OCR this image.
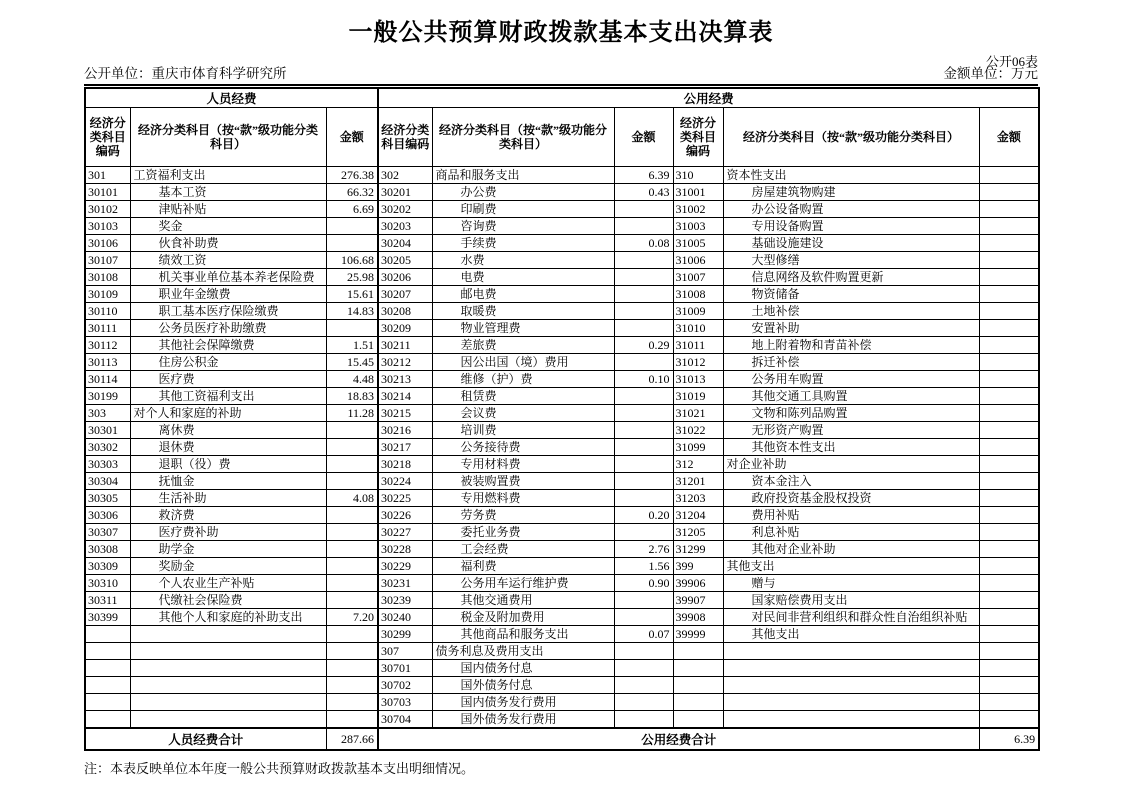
一般公共预算财政拨款基本支出决算表
公开06表
公开单位：重庆市体育科学研究所	金额单位：万元
人员经费			公用经费					
经济分类科目编码	经济分类科目（按“款”级功能分类科目）	金额	经济分类科目编码	经济分类科目（按“款”级功能分类科目）	金额	经济分类科目编码	经济分类科目（按“款”级功能分类科目）	金额
301	工资福利支出	276.38	302	商品和服务支出	6.39	310	资本性支出	
30101	基本工资	66.32	30201	办公费	0.43	31001	房屋建筑物购建	
30102	津贴补贴	6.69	30202	印刷费		31002	办公设备购置	
30103	奖金		30203	咨询费		31003	专用设备购置	
30106	伙食补助费		30204	手续费	0.08	31005	基础设施建设	
30107	绩效工资	106.68	30205	水费		31006	大型修缮	
30108	机关事业单位基本养老保险费	25.98	30206	电费		31007	信息网络及软件购置更新	
30109	职业年金缴费	15.61	30207	邮电费		31008	物资储备	
30110	职工基本医疗保险缴费	14.83	30208	取暖费		31009	土地补偿	
30111	公务员医疗补助缴费		30209	物业管理费		31010	安置补助	
30112	其他社会保障缴费	1.51	30211	差旅费	0.29	31011	地上附着物和青苗补偿	
30113	住房公积金	15.45	30212	因公出国（境）费用		31012	拆迁补偿	
30114	医疗费	4.48	30213	维修（护）费	0.10	31013	公务用车购置	
30199	其他工资福利支出	18.83	30214	租赁费		31019	其他交通工具购置	
303	对个人和家庭的补助	11.28	30215	会议费		31021	文物和陈列品购置	
30301	离休费		30216	培训费		31022	无形资产购置	
30302	退休费		30217	公务接待费		31099	其他资本性支出	
30303	退职（役）费		30218	专用材料费		312	对企业补助	
30304	抚恤金		30224	被装购置费		31201	资本金注入	
30305	生活补助	4.08	30225	专用燃料费		31203	政府投资基金股权投资	
30306	救济费		30226	劳务费	0.20	31204	费用补贴	
30307	医疗费补助		30227	委托业务费		31205	利息补贴	
30308	助学金		30228	工会经费	2.76	31299	其他对企业补助	
30309	奖励金		30229	福利费	1.56	399	其他支出	
30310	个人农业生产补贴		30231	公务用车运行维护费	0.90	39906	赠与	
30311	代缴社会保险费		30239	其他交通费用		39907	国家赔偿费用支出	
30399	其他个人和家庭的补助支出	7.20	30240	税金及附加费用		39908	对民间非营利组织和群众性自治组织补贴	
			30299	其他商品和服务支出	0.07	39999	其他支出	
			307	债务利息及费用支出				
			30701	国内债务付息				
			30702	国外债务付息				
			30703	国内债务发行费用				
			30704	国外债务发行费用				
人员经费合计		287.66	公用经费合计					6.39
注：本表反映单位本年度一般公共预算财政拨款基本支出明细情况。
